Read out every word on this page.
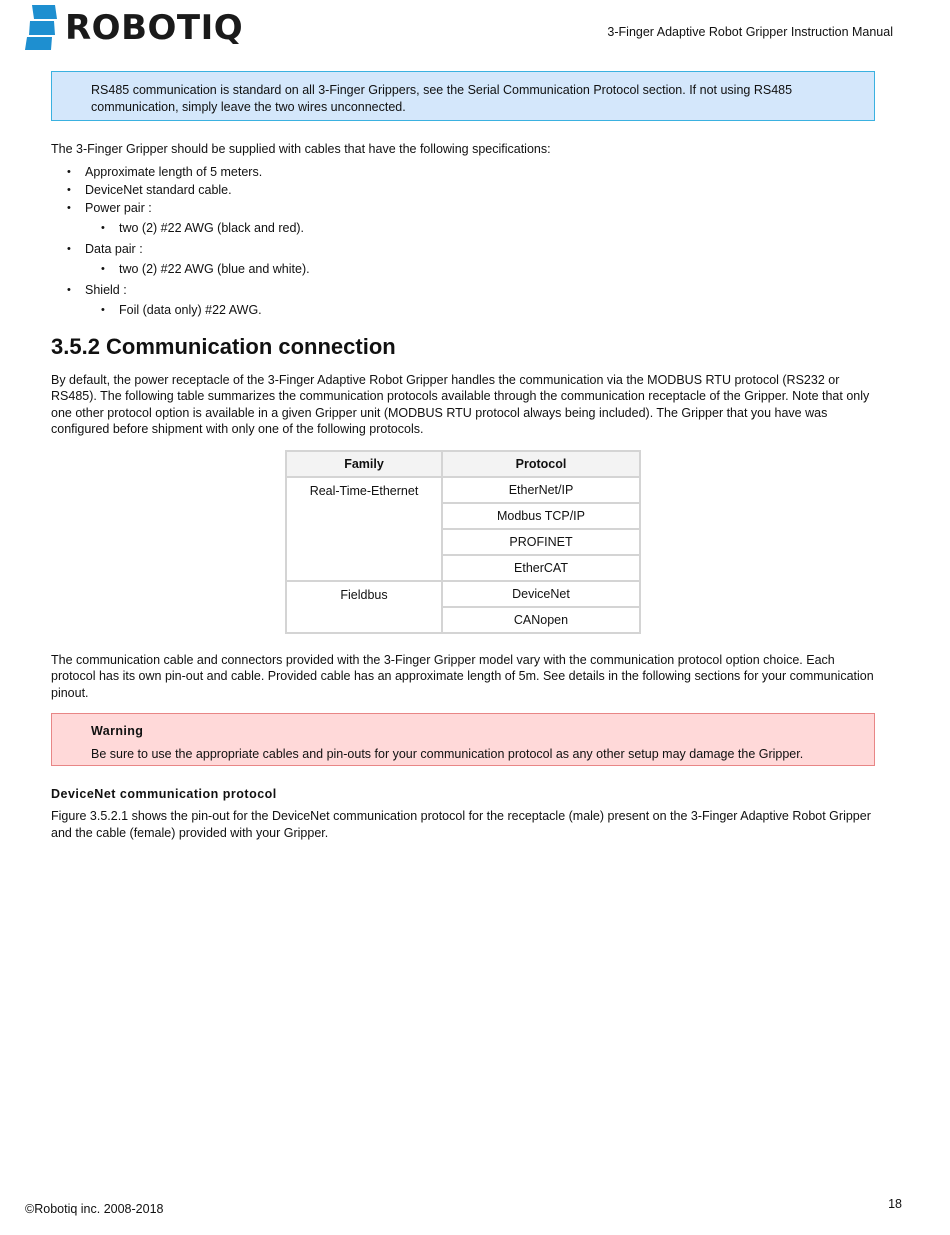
ROBOTIQ	3-Finger Adaptive Robot Gripper Instruction Manual

RS485 communication is standard on all 3-Finger Grippers, see the Serial Communication Protocol section. If not using RS485 communication, simply leave the two wires unconnected.

The 3-Finger Gripper should be supplied with cables that have the following specifications:

• Approximate length of 5 meters.
• DeviceNet standard cable.
• Power pair :
• two (2) #22 AWG (black and red).
• Data pair :
• two (2) #22 AWG (blue and white).
• Shield :
• Foil (data only) #22 AWG.
3.5.2 Communication connection

By default, the power receptacle of the 3-Finger Adaptive Robot Gripper handles the communication via the MODBUS RTU protocol (RS232 or RS485). The following table summarizes the communication protocols available through the communication receptacle of the Gripper. Note that only one other protocol option is available in a given Gripper unit (MODBUS RTU protocol always being included). The Gripper that you have was configured before shipment with only one of the following protocols.

Family	Protocol
Real-Time-Ethernet	EtherNet/IP
	Modbus TCP/IP
	PROFINET
	EtherCAT
Fieldbus	DeviceNet
	CANopen

The communication cable and connectors provided with the 3-Finger Gripper model vary with the communication protocol option choice. Each protocol has its own pin-out and cable. Provided cable has an approximate length of 5m. See details in the following sections for your communication pinout.

Warning

Be sure to use the appropriate cables and pin-outs for your communication protocol as any other setup may damage the Gripper.

DeviceNet communication protocol

Figure 3.5.2.1 shows the pin-out for the DeviceNet communication protocol for the receptacle (male) present on the 3-Finger Adaptive Robot Gripper and the cable (female) provided with your Gripper.

©Robotiq inc. 2008-2018	18
